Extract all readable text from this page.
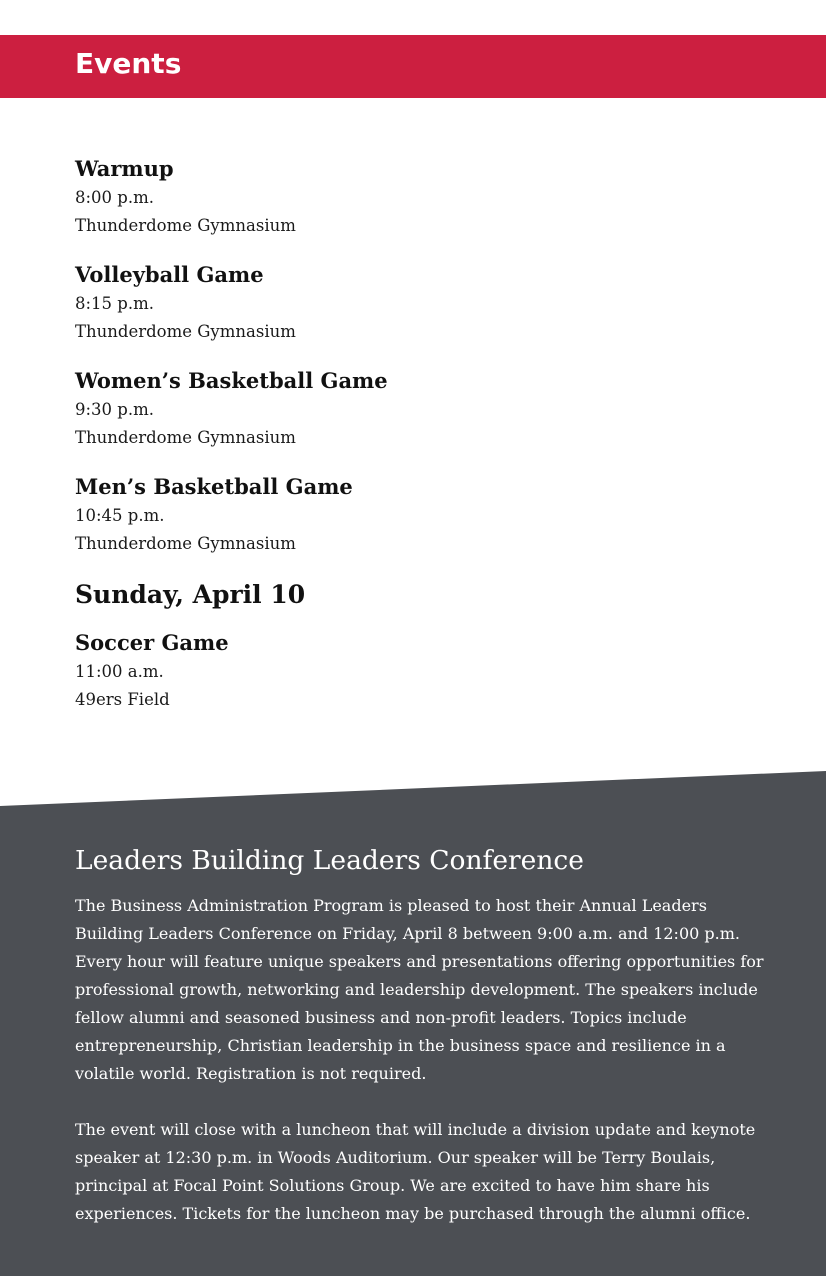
Events
Warmup

8:00 p.m.

Thunderdome Gymnasium

Volleyball Game

8:15 p.m.

Thunderdome Gymnasium

Women’s Basketball Game

9:30 p.m.

Thunderdome Gymnasium

Men’s Basketball Game

10:45 p.m.

Thunderdome Gymnasium

Sunday, April 10
Soccer Game

11:00 a.m.

49ers Field

Leaders Building Leaders Conference

The Business Administration Program is pleased to host their Annual Leaders Building Leaders Conference on Friday, April 8 between 9:00 a.m. and 12:00 p.m. Every hour will feature unique speakers and presentations offering opportunities for professional growth, networking and leadership development. The speakers include fellow alumni and seasoned business and non-profit leaders. Topics include entrepreneurship, Christian leadership in the business space and resilience in a volatile world. Registration is not required.

The event will close with a luncheon that will include a division update and keynote speaker at 12:30 p.m. in Woods Auditorium. Our speaker will be Terry Boulais, principal at Focal Point Solutions Group. We are excited to have him share his experiences. Tickets for the luncheon may be purchased through the alumni office.
